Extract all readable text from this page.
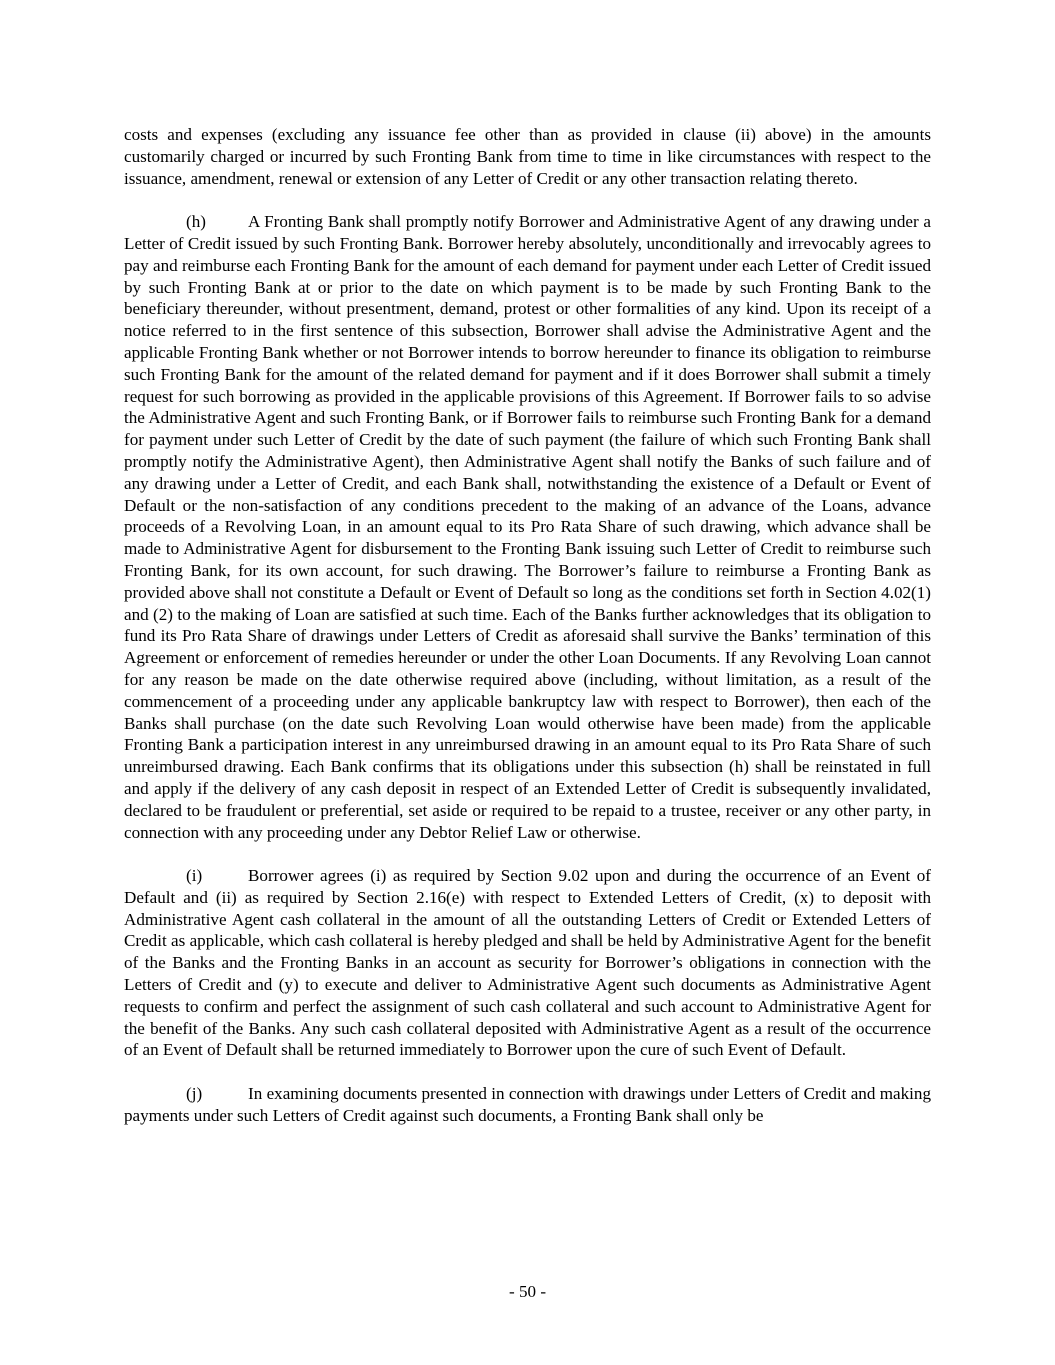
costs and expenses (excluding any issuance fee other than as provided in clause (ii) above) in the amounts customarily charged or incurred by such Fronting Bank from time to time in like circumstances with respect to the issuance, amendment, renewal or extension of any Letter of Credit or any other transaction relating thereto.

(h) A Fronting Bank shall promptly notify Borrower and Administrative Agent of any drawing under a Letter of Credit issued by such Fronting Bank. Borrower hereby absolutely, unconditionally and irrevocably agrees to pay and reimburse each Fronting Bank for the amount of each demand for payment under each Letter of Credit issued by such Fronting Bank at or prior to the date on which payment is to be made by such Fronting Bank to the beneficiary thereunder, without presentment, demand, protest or other formalities of any kind. Upon its receipt of a notice referred to in the first sentence of this subsection, Borrower shall advise the Administrative Agent and the applicable Fronting Bank whether or not Borrower intends to borrow hereunder to finance its obligation to reimburse such Fronting Bank for the amount of the related demand for payment and if it does Borrower shall submit a timely request for such borrowing as provided in the applicable provisions of this Agreement. If Borrower fails to so advise the Administrative Agent and such Fronting Bank, or if Borrower fails to reimburse such Fronting Bank for a demand for payment under such Letter of Credit by the date of such payment (the failure of which such Fronting Bank shall promptly notify the Administrative Agent), then Administrative Agent shall notify the Banks of such failure and of any drawing under a Letter of Credit, and each Bank shall, notwithstanding the existence of a Default or Event of Default or the non-satisfaction of any conditions precedent to the making of an advance of the Loans, advance proceeds of a Revolving Loan, in an amount equal to its Pro Rata Share of such drawing, which advance shall be made to Administrative Agent for disbursement to the Fronting Bank issuing such Letter of Credit to reimburse such Fronting Bank, for its own account, for such drawing. The Borrower’s failure to reimburse a Fronting Bank as provided above shall not constitute a Default or Event of Default so long as the conditions set forth in Section 4.02(1) and (2) to the making of Loan are satisfied at such time. Each of the Banks further acknowledges that its obligation to fund its Pro Rata Share of drawings under Letters of Credit as aforesaid shall survive the Banks’ termination of this Agreement or enforcement of remedies hereunder or under the other Loan Documents. If any Revolving Loan cannot for any reason be made on the date otherwise required above (including, without limitation, as a result of the commencement of a proceeding under any applicable bankruptcy law with respect to Borrower), then each of the Banks shall purchase (on the date such Revolving Loan would otherwise have been made) from the applicable Fronting Bank a participation interest in any unreimbursed drawing in an amount equal to its Pro Rata Share of such unreimbursed drawing. Each Bank confirms that its obligations under this subsection (h) shall be reinstated in full and apply if the delivery of any cash deposit in respect of an Extended Letter of Credit is subsequently invalidated, declared to be fraudulent or preferential, set aside or required to be repaid to a trustee, receiver or any other party, in connection with any proceeding under any Debtor Relief Law or otherwise.

(i)	Borrower agrees (i) as required by Section 9.02 upon and during the occurrence of an Event of Default and (ii) as required by Section 2.16(e) with respect to Extended Letters of Credit, (x) to deposit with Administrative Agent cash collateral in the amount of all the outstanding Letters of Credit or Extended Letters of Credit as applicable, which cash collateral is hereby pledged and shall be held by Administrative Agent for the benefit of the Banks and the Fronting Banks in an account as security for Borrower’s obligations in connection with the Letters of Credit and (y) to execute and deliver to Administrative Agent such documents as Administrative Agent requests to confirm and perfect the assignment of such cash collateral and such account to Administrative Agent for the benefit of the Banks. Any such cash collateral deposited with Administrative Agent as a result of the occurrence of an Event of Default shall be returned immediately to Borrower upon the cure of such Event of Default.

(j)	In examining documents presented in connection with drawings under Letters of Credit and making payments under such Letters of Credit against such documents, a Fronting Bank shall only be

- 50 -
